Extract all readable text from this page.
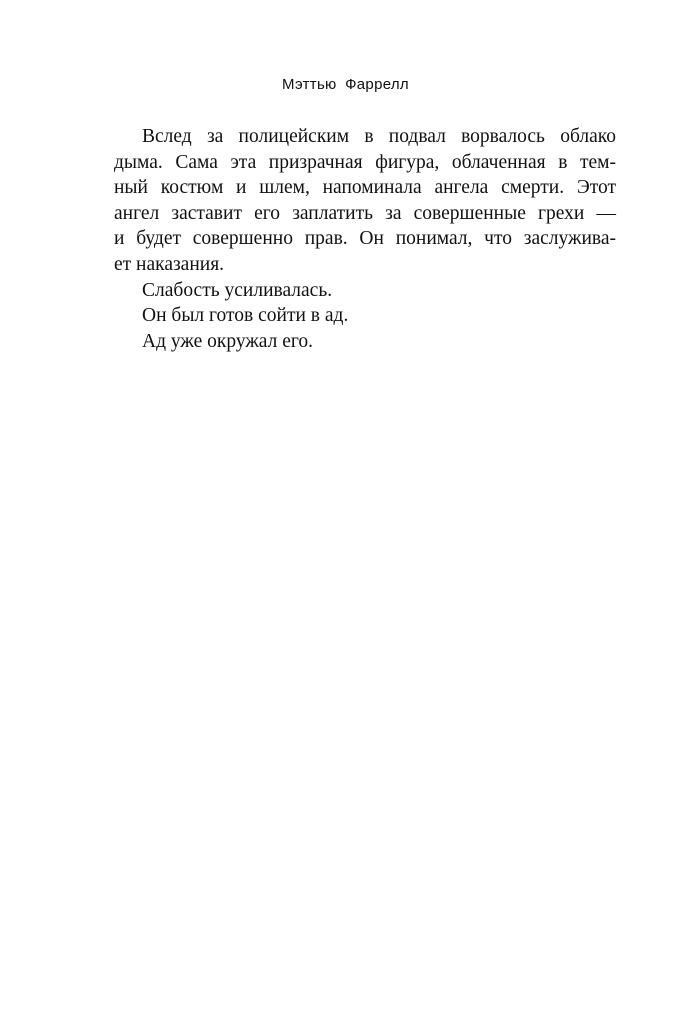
Мэттью Фаррелл

Вслед за полицейским в подвал ворвалось облако
дыма. Сама эта призрачная фигура, облаченная в тем-
ный костюм и шлем, напоминала ангела смерти. Этот
ангел заставит его заплатить за совершенные грехи —
и будет совершенно прав. Он понимал, что заслужива-
ет наказания.

Слабость усиливалась.

Он был готов сойти в ад.

Ад уже окружал его.
